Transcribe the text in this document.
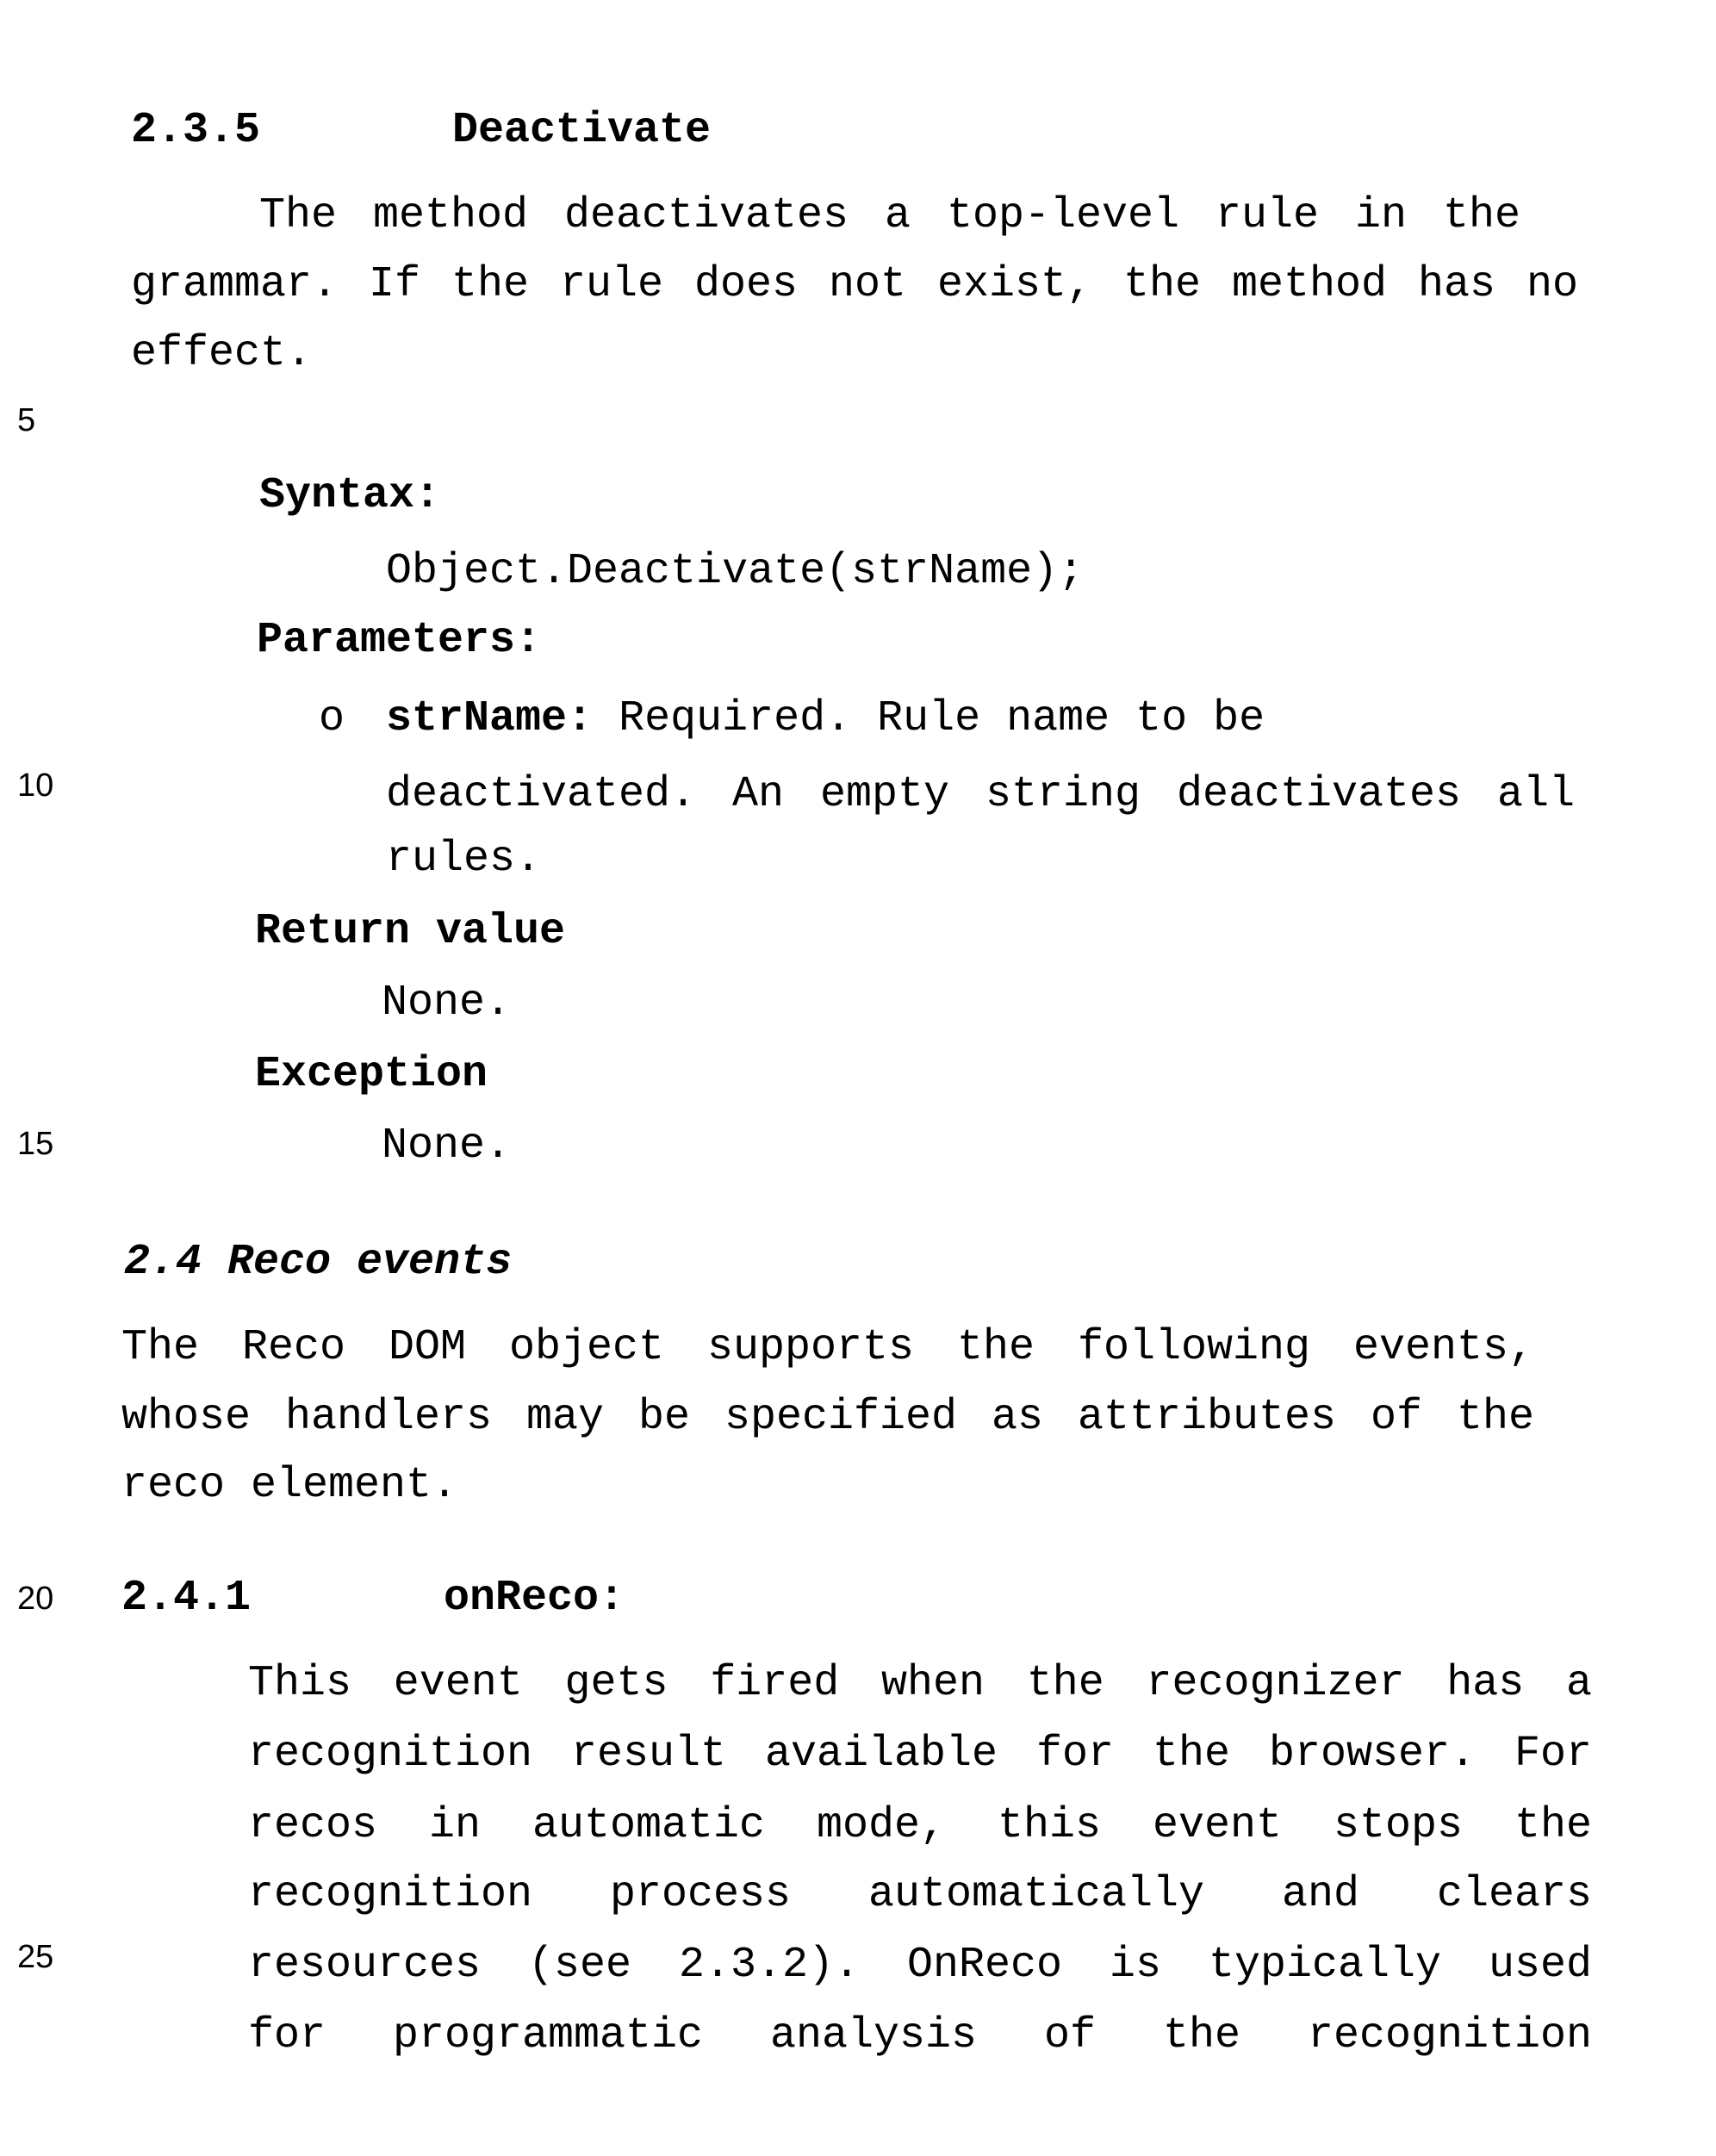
5
10
15
20
25
2.3.5	Deactivate
The method deactivates a top-level rule in the
grammar. If the rule does not exist, the method has no
effect.
Syntax:
Object.Deactivate(strName);
Parameters:
o strName: Required. Rule name to be
deactivated. An empty string deactivates all
rules.
Return value
None.
Exception
None.
2.4 Reco events
The Reco DOM object supports the following events,
whose handlers may be specified as attributes of the
reco element.
2.4.1	onReco:
This event gets fired when the recognizer has a
recognition result available for the browser. For
recos in automatic mode, this event stops the
recognition process automatically and clears
resources (see 2.3.2). OnReco is typically used
for programmatic analysis of the recognition
